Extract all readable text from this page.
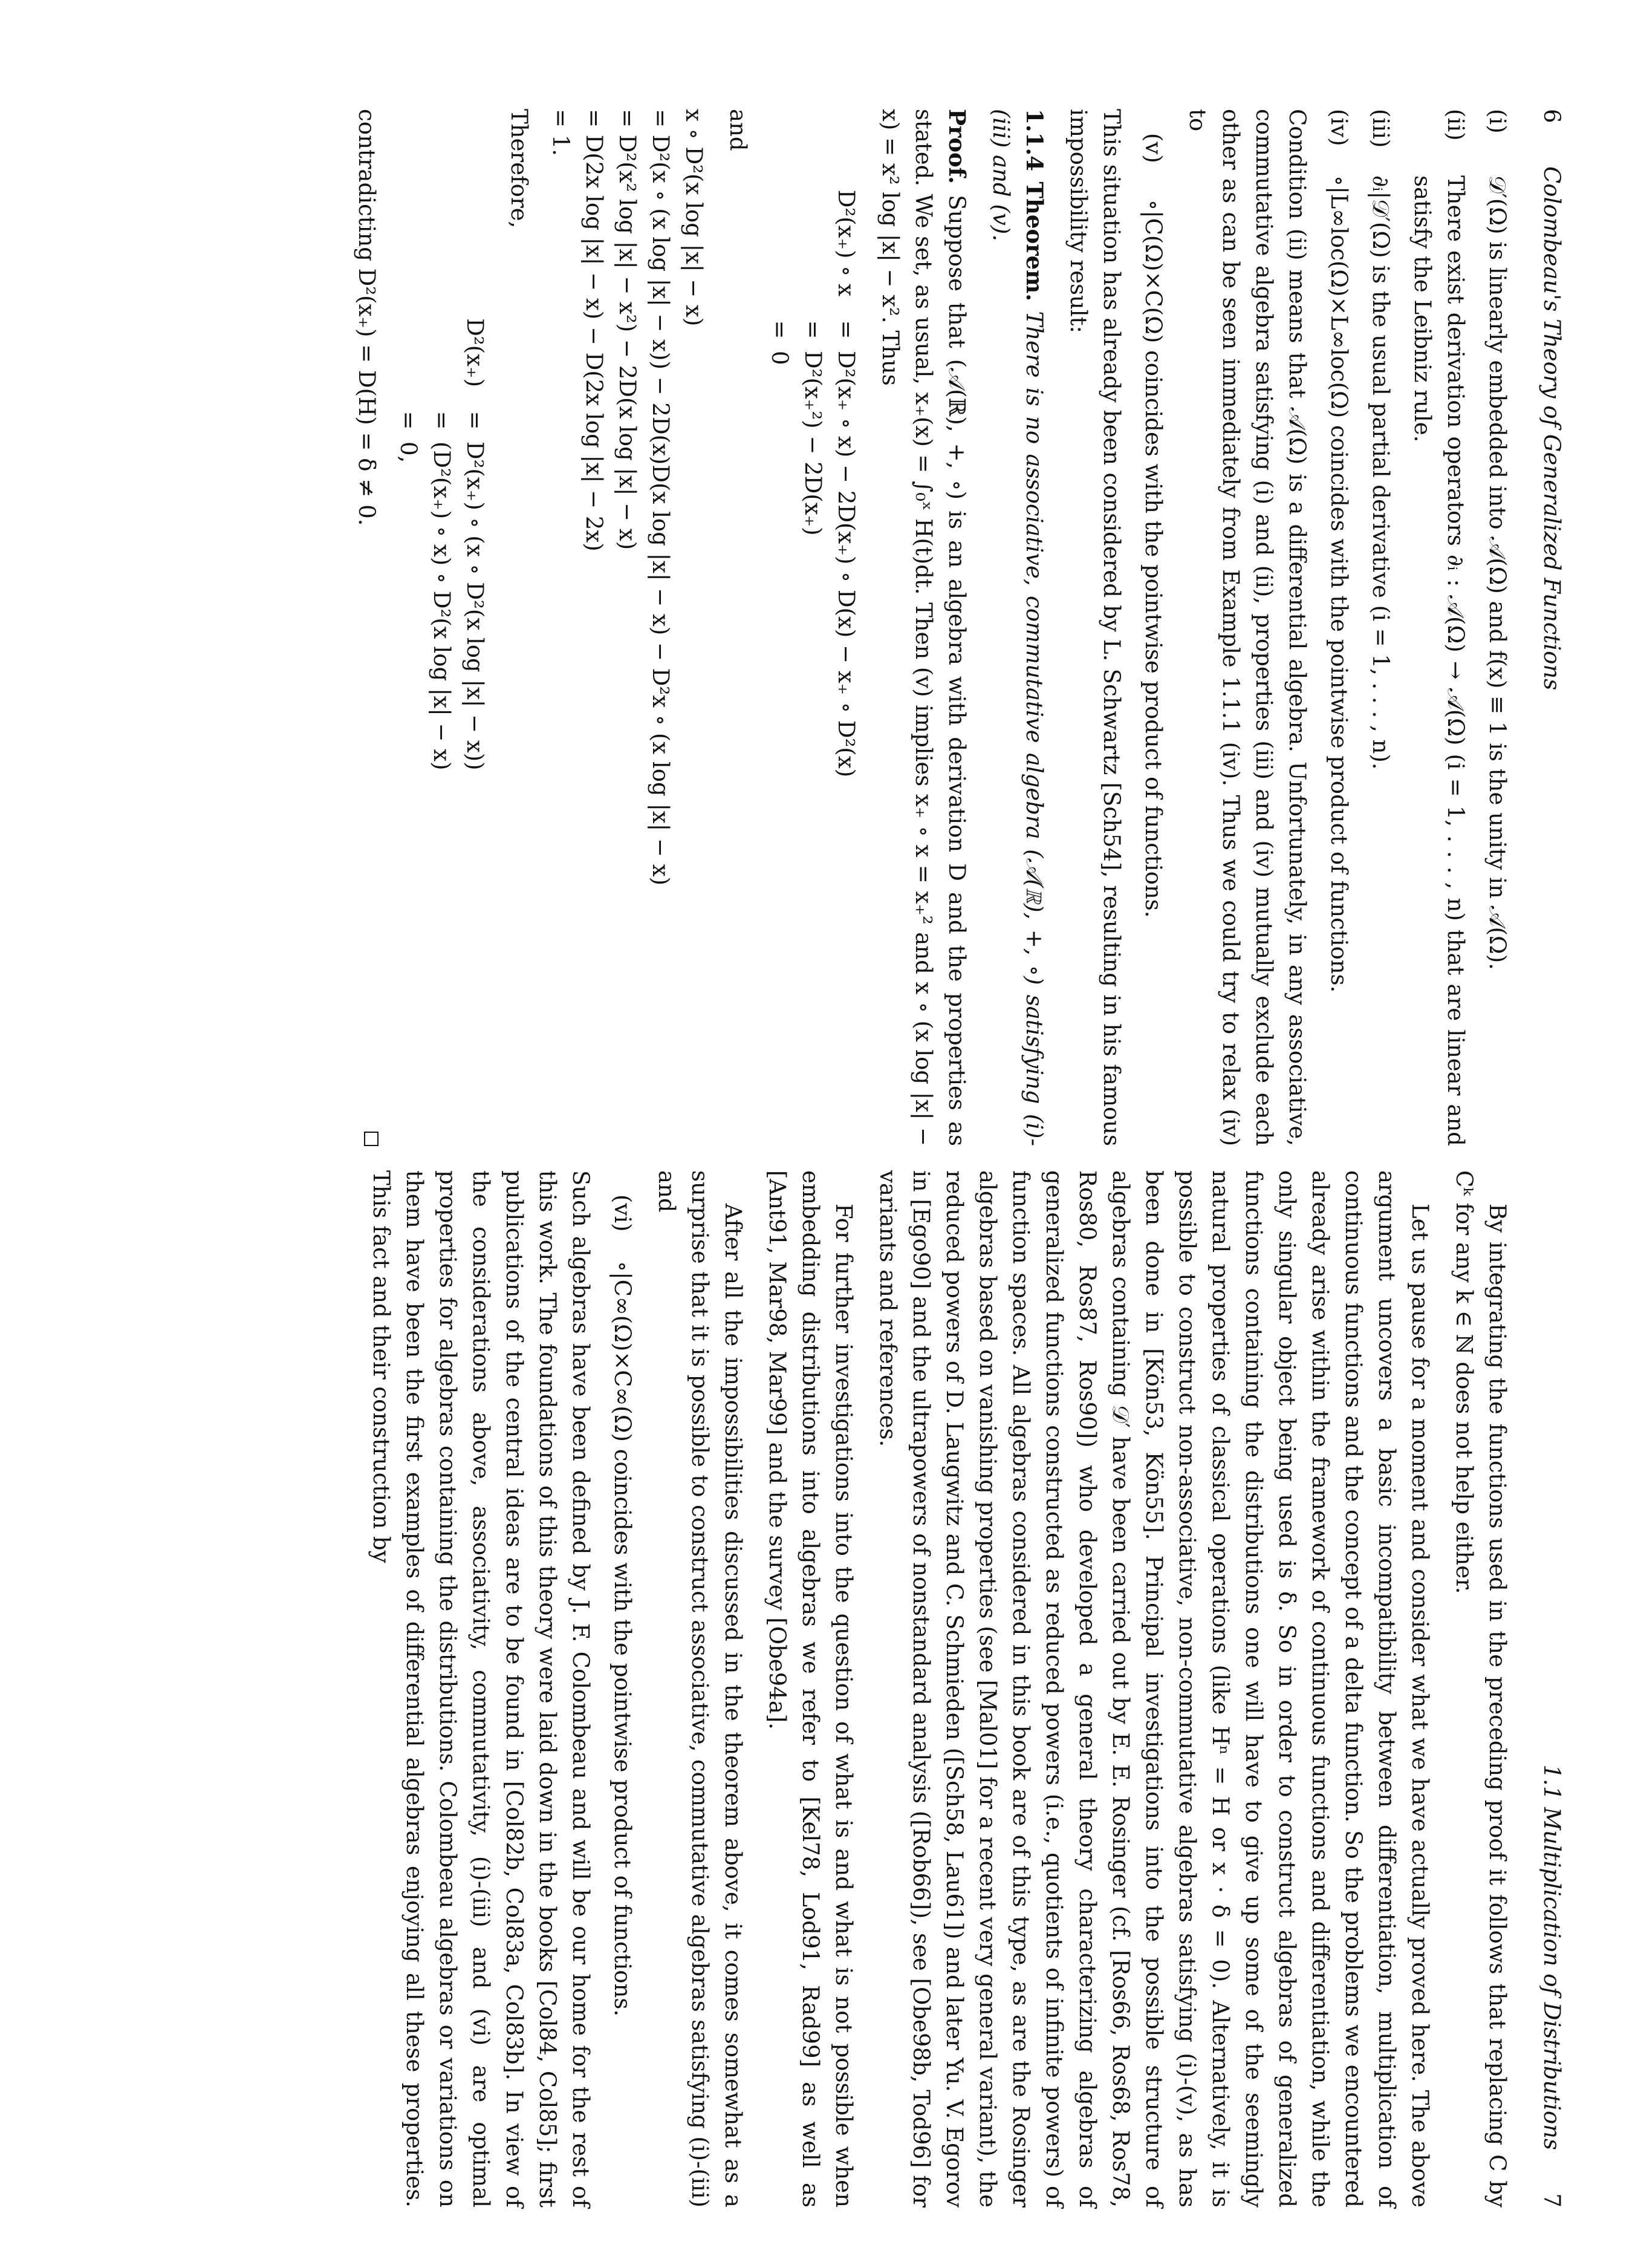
6
Colombeau's Theory of Generalized Functions
(i)
𝒟′(Ω) is linearly embedded into 𝒜(Ω) and f(x) ≡ 1 is the unity in 𝒜(Ω).
(ii)
There exist derivation operators ∂ᵢ : 𝒜(Ω) → 𝒜(Ω) (i = 1, . . . , n) that are linear and satisfy the Leibniz rule.
(iii)
∂ᵢ|𝒟′(Ω) is the usual partial derivative (i = 1, . . . , n).
(iv)
∘|L∞loc(Ω)×L∞loc(Ω) coincides with the pointwise product of functions.

Condition (ii) means that 𝒜(Ω) is a differential algebra. Unfortunately, in any associative, commutative algebra satisfying (i) and (ii), properties (iii) and (iv) mutually exclude each other as can be seen immediately from Example 1.1.1 (iv). Thus we could try to relax (iv) to

(v)
∘|C(Ω)×C(Ω) coincides with the pointwise product of functions.

This situation has already been considered by L. Schwartz [Sch54], resulting in his famous impossibility result:

1.1.4 Theorem. There is no associative, commutative algebra (𝒜(ℝ), +, ∘) satisfying (i)-(iii) and (v).

Proof. Suppose that (𝒜(ℝ), +, ∘) is an algebra with derivation D and the properties as stated. We set, as usual, x₊(x) = ∫₀ˣ H(t)dt. Then (v) implies x₊ ∘ x = x₊² and x ∘ (x log |x| − x) = x² log |x| − x². Thus

D²(x₊) ∘ x
=
D²(x₊ ∘ x) − 2D(x₊) ∘ D(x) − x₊ ∘ D²(x)
=
D²(x₊²) − 2D(x₊)
=
0

and

x ∘ D²(x log |x| − x)
= D²(x ∘ (x log |x| − x)) − 2D(x)D(x log |x| − x) − D²x ∘ (x log |x| − x)
= D²(x² log |x| − x²) − 2D(x log |x| − x)
= D(2x log |x| − x) − D(2x log |x| − 2x)
= 1.

Therefore,

D²(x₊)
=
D²(x₊) ∘ (x ∘ D²(x log |x| − x))
=
(D²(x₊) ∘ x) ∘ D²(x log |x| − x)
=
0,

contradicting D²(x₊) = D(H) = δ ≠ 0.

1.1 Multiplication of Distributions
7

By integrating the functions used in the preceding proof it follows that replacing C by Cᵏ for any k ∈ ℕ does not help either.

Let us pause for a moment and consider what we have actually proved here. The above argument uncovers a basic incompatibility between differentiation, multiplication of continuous functions and the concept of a delta function. So the problems we encountered already arise within the framework of continuous functions and differentiation, while the only singular object being used is δ. So in order to construct algebras of generalized functions containing the distributions one will have to give up some of the seemingly natural properties of classical operations (like Hⁿ = H or x · δ = 0). Alternatively, it is possible to construct non-associative, non-commutative algebras satisfying (i)-(v), as has been done in [Kön53, Kön55]. Principal investigations into the possible structure of algebras containing 𝒟′ have been carried out by E. E. Rosinger (cf. [Ros66, Ros68, Ros78, Ros80, Ros87, Ros90]) who developed a general theory characterizing algebras of generalized functions constructed as reduced powers (i.e., quotients of infinite powers) of function spaces. All algebras considered in this book are of this type, as are the Rosinger algebras based on vanishing properties (see [Mal01] for a recent very general variant), the reduced powers of D. Laugwitz and C. Schmieden ([Sch58, Lau61]) and later Yu. V. Egorov in [Ego90] and the ultrapowers of nonstandard analysis ([Rob66]), see [Obe98b, Tod96] for variants and references.

For further investigations into the question of what is and what is not possible when embedding distributions into algebras we refer to [Kel78, Lod91, Rad99] as well as [Ant91, Mar98, Mar99] and the survey [Obe94a].

After all the impossibilities discussed in the theorem above, it comes somewhat as a surprise that it is possible to construct associative, commutative algebras satisfying (i)-(iii) and

(vi)
∘|C∞(Ω)×C∞(Ω) coincides with the pointwise product of functions.

Such algebras have been defined by J. F. Colombeau and will be our home for the rest of this work. The foundations of this theory were laid down in the books [Col84, Col85]; first publications of the central ideas are to be found in [Col82b, Col83a, Col83b]. In view of the considerations above, associativity, commutativity, (i)-(iii) and (vi) are optimal properties for algebras containing the distributions. Colombeau algebras or variations on them have been the first examples of differential algebras enjoying all these properties. This fact and their construction by
